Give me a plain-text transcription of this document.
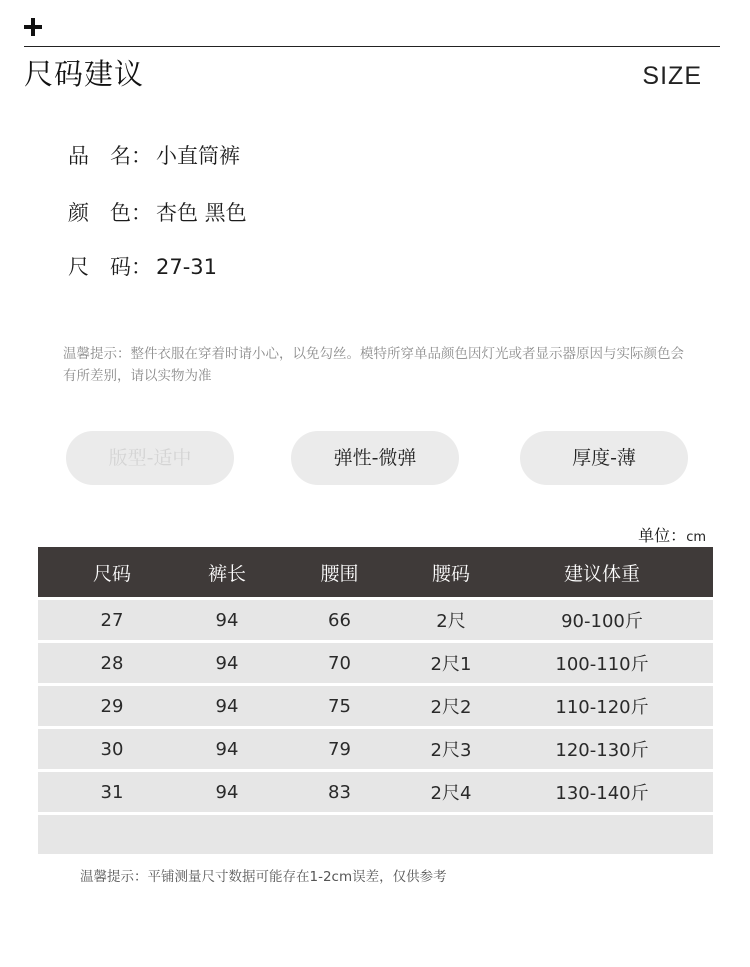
尺码建议	SIZE
品　名： 小直筒裤
颜　色： 杏色 黑色
尺　码： 27-31
温馨提示：整件衣服在穿着时请小心，以免勾丝。模特所穿单品颜色因灯光或者显示器原因与实际颜色会有所差别，请以实物为准
版型-适中	弹性-微弹	厚度-薄
单位：cm
尺码	裤长	腰围	腰码	建议体重
27	94	66	2尺	90-100斤
28	94	70	2尺1	100-110斤
29	94	75	2尺2	110-120斤
30	94	79	2尺3	120-130斤
31	94	83	2尺4	130-140斤

温馨提示：平铺测量尺寸数据可能存在1-2cm误差，仅供参考
